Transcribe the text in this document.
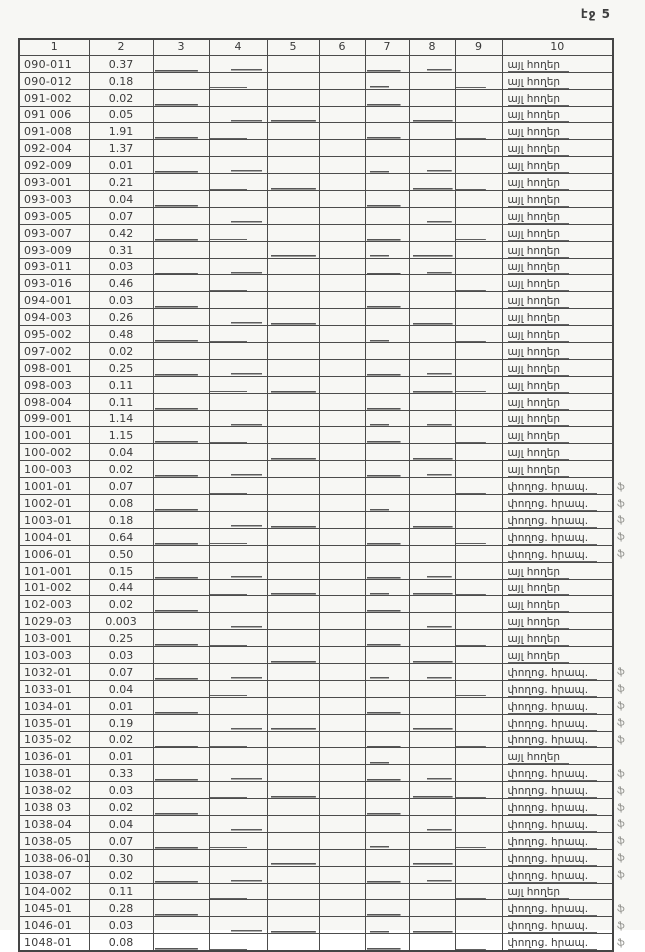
էջ 5
1	2	3	4	5	6	7	8	9	10
090-011	0.37								այլ հողեր
090-012	0.18								այլ հողեր
091-002	0.02								այլ հողեր
091 006	0.05								այլ հողեր
091-008	1.91								այլ հողեր
092-004	1.37								այլ հողեր
092-009	0.01								այլ հողեր
093-001	0.21								այլ հողեր
093-003	0.04								այլ հողեր
093-005	0.07								այլ հողեր
093-007	0.42								այլ հողեր
093-009	0.31								այլ հողեր
093-011	0.03								այլ հողեր
093-016	0.46								այլ հողեր
094-001	0.03								այլ հողեր
094-003	0.26								այլ հողեր
095-002	0.48								այլ հողեր
097-002	0.02								այլ հողեր
098-001	0.25								այլ հողեր
098-003	0.11								այլ հողեր
098-004	0.11								այլ հողեր
099-001	1.14								այլ հողեր
100-001	1.15								այլ հողեր
100-002	0.04								այլ հողեր
100-003	0.02								այլ հողեր
1001-01	0.07								փողոց. հրապ.
1002-01	0.08								փողոց. հրապ.
1003-01	0.18								փողոց. հրապ.
1004-01	0.64								փողոց. հրապ.
1006-01	0.50								փողոց. հրապ.
101-001	0.15								այլ հողեր
101-002	0.44								այլ հողեր
102-003	0.02								այլ հողեր
1029-03	0.003								այլ հողեր
103-001	0.25								այլ հողեր
103-003	0.03								այլ հողեր
1032-01	0.07								փողոց. հրապ.
1033-01	0.04								փողոց. հրապ.
1034-01	0.01								փողոց. հրապ.
1035-01	0.19								փողոց. հրապ.
1035-02	0.02								փողոց. հրապ.
1036-01	0.01								այլ հողեր
1038-01	0.33								փողոց. հրապ.
1038-02	0.03								փողոց. հրապ.
1038 03	0.02								փողոց. հրապ.
1038-04	0.04								փողոց. հրապ.
1038-05	0.07								փողոց. հրապ.
1038-06-01	0.30								փողոց. հրապ.
1038-07	0.02								փողոց. հրապ.
104-002	0.11								այլ հողեր
1045-01	0.28								փողոց. հրապ.
1046-01	0.03								փողոց. հրապ.
1048-01	0.08								փողոց. հրապ.
ֆ
ֆ
ֆ
ֆ
ֆ
ֆ
ֆ
ֆ
ֆ
ֆ
ֆ
ֆ
ֆ
ֆ
ֆ
ֆ
ֆ
ֆ
ֆ
ֆ
